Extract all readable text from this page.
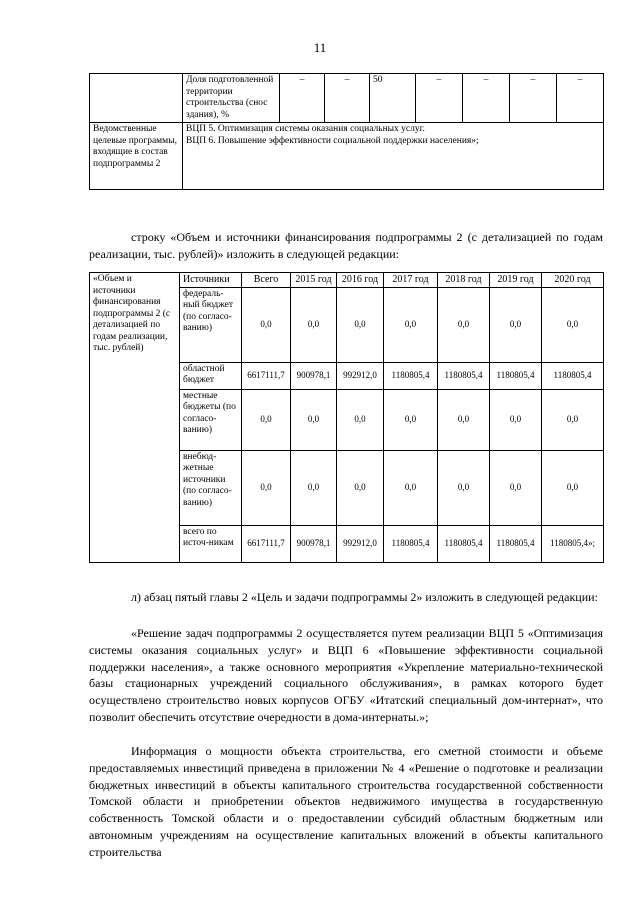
11
	Доля подготовленной территории строительства (снос здания), %	–	–	50	–	–	–	–
Ведомственные целевые программы, входящие в состав подпрограммы 2	ВЦП 5. Оптимизация системы оказания социальных услуг.
ВЦП 6. Повышение эффективности социальной поддержки населения»;							

строку «Объем и источники финансирования подпрограммы 2 (с детализацией по годам реализации, тыс. рублей)» изложить в следующей редакции:

«Объем и источники финансирования подпрограммы 2 (с детализацией по годам реализации, тыс. рублей)	Источники	Всего	2015 год	2016 год	2017 год	2018 год	2019 год	2020 год
	федераль-ный бюджет (по согласо-ванию)	0,0	0,0	0,0	0,0	0,0	0,0	0,0
	областной бюджет	6617111,7	900978,1	992912,0	1180805,4	1180805,4	1180805,4	1180805,4
	местные бюджеты (по согласо-ванию)	0,0	0,0	0,0	0,0	0,0	0,0	0,0
	внебюд-жетные источники (по согласо-ванию)	0,0	0,0	0,0	0,0	0,0	0,0	0,0
	всего по источ-никам	6617111,7	900978,1	992912,0	1180805,4	1180805,4	1180805,4	1180805,4»;

л) абзац пятый главы 2 «Цель и задачи подпрограммы 2» изложить в следующей редакции:

«Решение задач подпрограммы 2 осуществляется путем реализации ВЦП 5 «Оптимизация системы оказания социальных услуг» и ВЦП 6 «Повышение эффективности социальной поддержки населения», а также основного мероприятия «Укрепление материально-технической базы стационарных учреждений социального обслуживания», в рамках которого будет осуществлено строительство новых корпусов ОГБУ «Итатский специальный дом-интернат», что позволит обеспечить отсутствие очередности в дома-интернаты.»;

Информация о мощности объекта строительства, его сметной стоимости и объеме предоставляемых инвестиций приведена в приложении № 4 «Решение о подготовке и реализации бюджетных инвестиций в объекты капитального строительства государственной собственности Томской области и приобретении объектов недвижимого имущества в государственную собственность Томской области и о предоставлении субсидий областным бюджетным или автономным учреждениям на осуществление капитальных вложений в объекты капитального строительства
